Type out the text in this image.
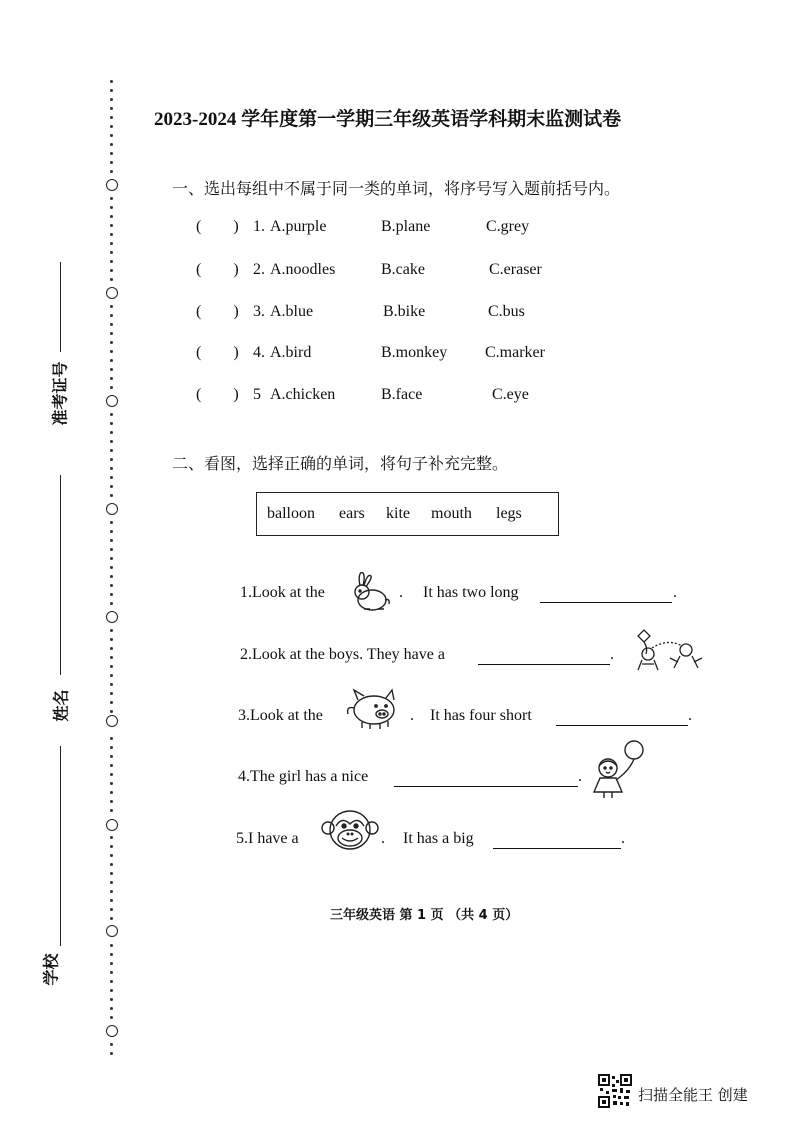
准考证号
姓名
学校
2023-2024 学年度第一学期三年级英语学科期末监测试卷
一、选出每组中不属于同一类的单词，将序号写入题前括号内。
(  ) 1. A.purple	B.plane	C.grey
(  ) 2. A.noodles	B.cake	C.eraser
(  ) 3. A.blue	B.bike	C.bus
(  ) 4. A.bird	B.monkey C.marker
(  ) 5 A.chicken	B.face	C.eye
二、看图，选择正确的单词，将句子补充完整。
balloon ears kite mouth legs
1.Look at the	. It has two long	.
2.Look at the boys. They have a	.
3.Look at the	. It has four short	.
4.The girl has a nice	.
5.I have a	. It has a big	.
三年级英语 第 1 页 （共 4 页）
扫描全能王 创建
